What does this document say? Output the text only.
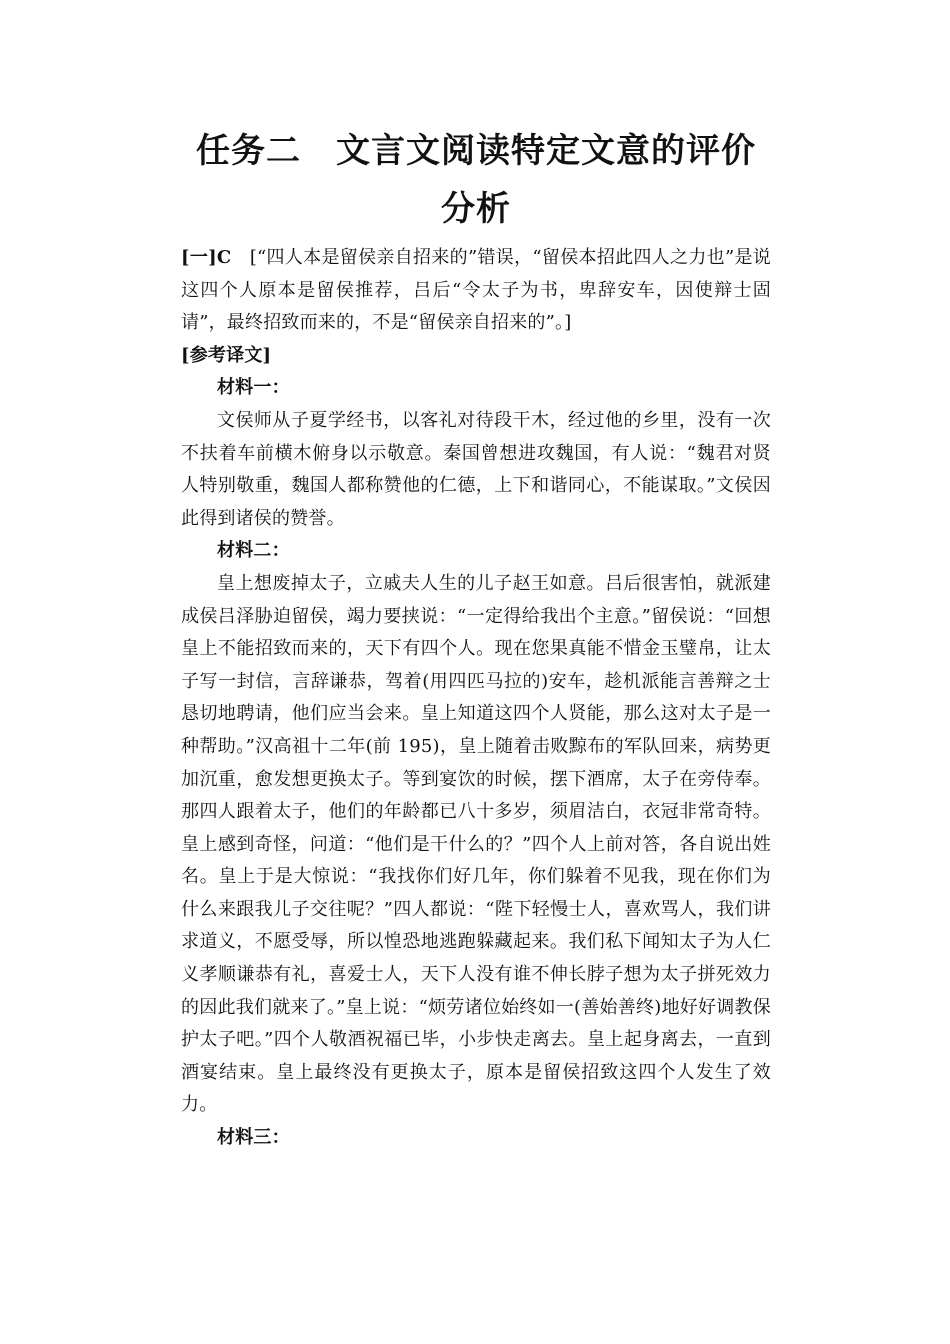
任务二　文言文阅读特定文意的评价
分析

[一]C　 [“四人本是留侯亲自招来的”错误，“留侯本招此四人之力也”是说这四个人原本是留侯推荐，吕后“令太子为书，卑辞安车，因使辩士固请”，最终招致而来的，不是“留侯亲自招来的”。]

[参考译文]

材料一：

文侯师从子夏学经书，以客礼对待段干木，经过他的乡里，没有一次不扶着车前横木俯身以示敬意。秦国曾想进攻魏国，有人说：“魏君对贤人特别敬重，魏国人都称赞他的仁德，上下和谐同心，不能谋取。”文侯因此得到诸侯的赞誉。

材料二：

皇上想废掉太子，立戚夫人生的儿子赵王如意。吕后很害怕，就派建成侯吕泽胁迫留侯，竭力要挟说：“一定得给我出个主意。”留侯说：“回想皇上不能招致而来的，天下有四个人。现在您果真能不惜金玉璧帛，让太子写一封信，言辞谦恭，驾着(用四匹马拉的)安车，趁机派能言善辩之士恳切地聘请，他们应当会来。皇上知道这四个人贤能，那么这对太子是一种帮助。”汉高祖十二年(前 195)，皇上随着击败黥布的军队回来，病势更加沉重，愈发想更换太子。等到宴饮的时候，摆下酒席，太子在旁侍奉。那四人跟着太子，他们的年龄都已八十多岁，须眉洁白，衣冠非常奇特。皇上感到奇怪，问道：“他们是干什么的？”四个人上前对答，各自说出姓名。皇上于是大惊说：“我找你们好几年，你们躲着不见我，现在你们为什么来跟我儿子交往呢？”四人都说：“陛下轻慢士人，喜欢骂人，我们讲求道义，不愿受辱，所以惶恐地逃跑躲藏起来。我们私下闻知太子为人仁义孝顺谦恭有礼，喜爱士人，天下人没有谁不伸长脖子想为太子拼死效力的因此我们就来了。”皇上说：“烦劳诸位始终如一(善始善终)地好好调教保护太子吧。”四个人敬酒祝福已毕，小步快走离去。皇上起身离去，一直到酒宴结束。皇上最终没有更换太子，原本是留侯招致这四个人发生了效力。

材料三：
